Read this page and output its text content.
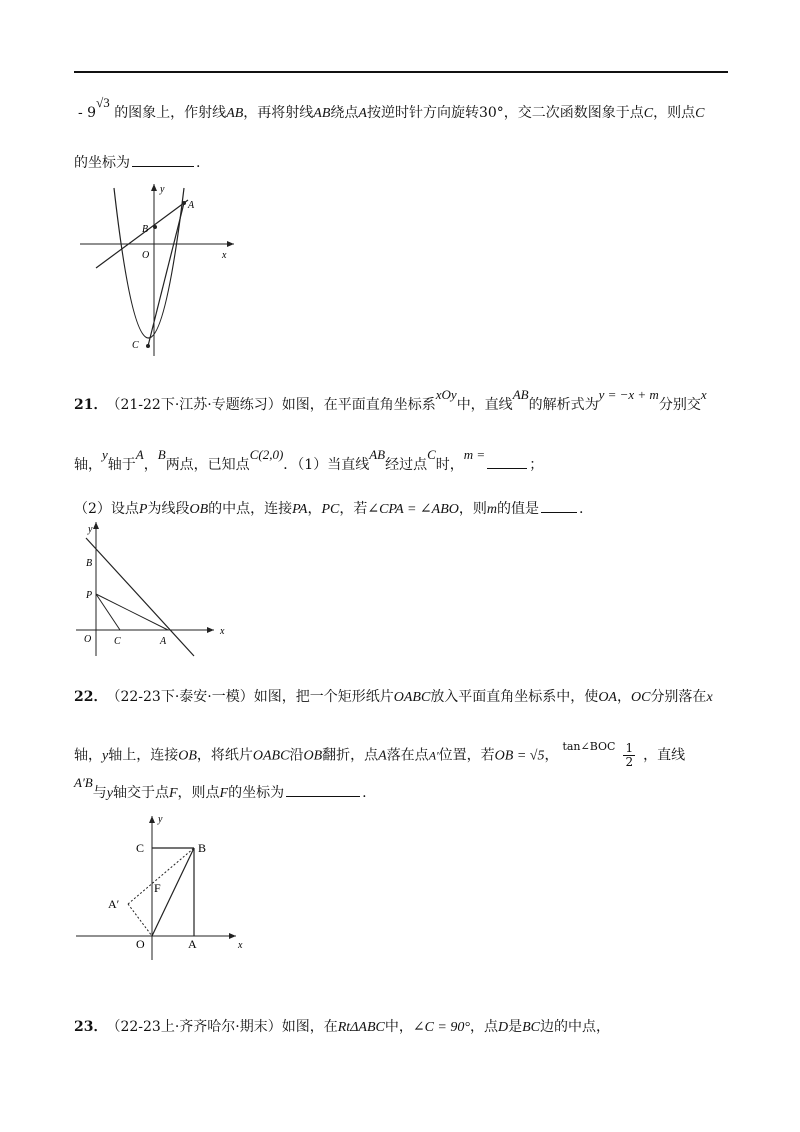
- 9√3 的图象上，作射线AB，再将射线AB绕点A按逆时针方向旋转30°，交二次函数图象于点C，则点C
的坐标为	.
A
B
O
C
x
y
21． （21-22下·江苏·专题练习）如图，在平面直角坐标系xOy中，直线AB的解析式为y = −x + m分别交x
轴，y轴于A，B两点，已知点C(2,0)．（1）当直线AB经过点C时，m =；
（2）设点P为线段OB的中点，连接PA，PC，若∠CPA = ∠ABO，则m的值是	.
y
B
P
O C	A
x
22． （22-23下·泰安·一模）如图，把一个矩形纸片OABC放入平面直角坐标系中，使OA，OC分别落在x
轴，y轴上，连接OB，将纸片OABC沿OB翻折，点A落在点A′位置，若OB = √5，$^{tan\angle BOC} \frac{1}{2}$ ，直线
A′B与y轴交于点F，则点F的坐标为	.
y
C	B
F
A′
O	A	x
23． （22-23上·齐齐哈尔·期末）如图，在RtΔABC中，∠C = 90°，点D是BC边的中点，
